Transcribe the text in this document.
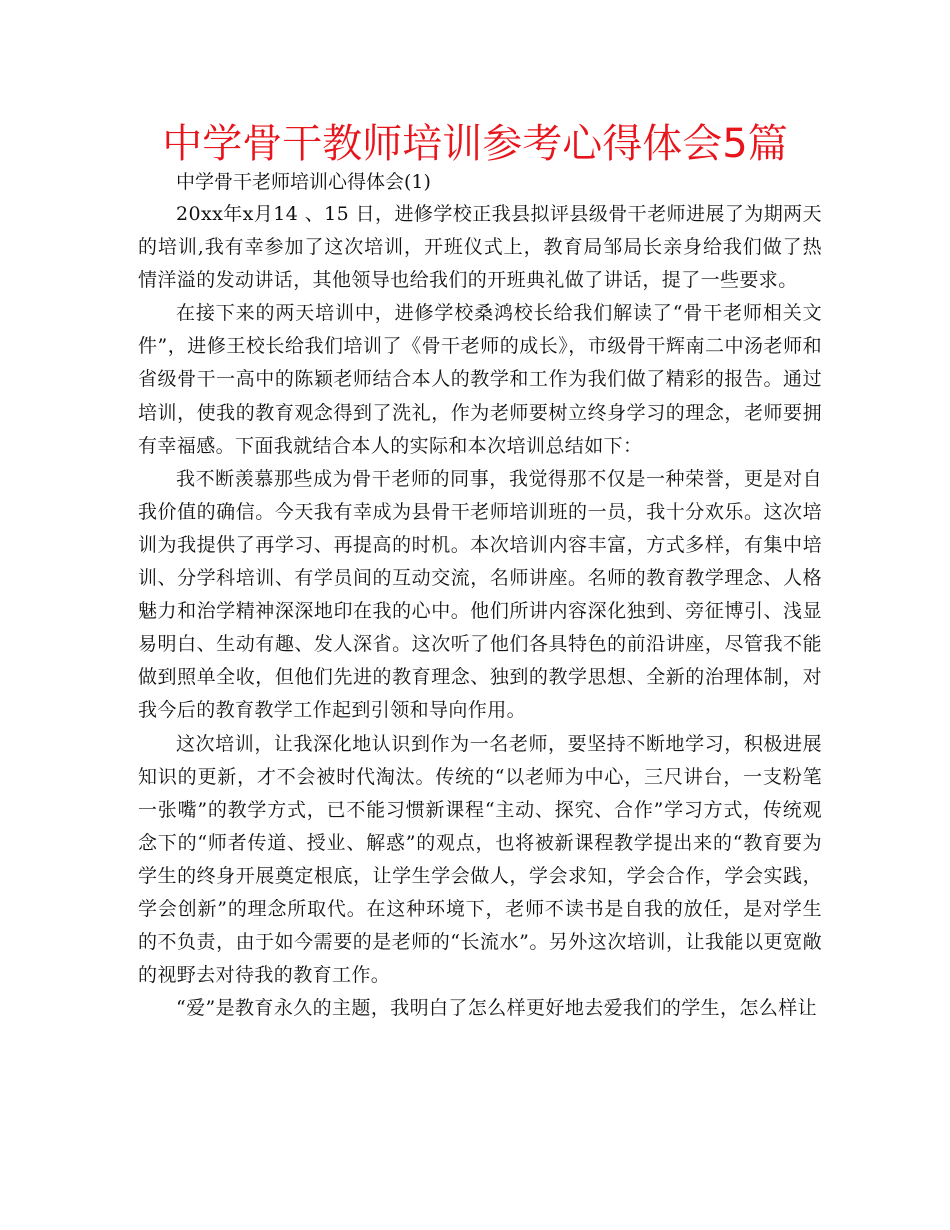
中学骨干教师培训参考心得体会5篇
中学骨干老师培训心得体会(1)

20xx年x月14 、15 日，进修学校正我县拟评县级骨干老师进展了为期两天的培训,我有幸参加了这次培训，开班仪式上，教育局邹局长亲身给我们做了热情洋溢的发动讲话，其他领导也给我们的开班典礼做了讲话，提了一些要求。

在接下来的两天培训中，进修学校桑鸿校长给我们解读了“骨干老师相关文件”，进修王校长给我们培训了《骨干老师的成长》，市级骨干辉南二中汤老师和省级骨干一高中的陈颖老师结合本人的教学和工作为我们做了精彩的报告。通过培训，使我的教育观念得到了洗礼，作为老师要树立终身学习的理念，老师要拥有幸福感。下面我就结合本人的实际和本次培训总结如下：

我不断羡慕那些成为骨干老师的同事，我觉得那不仅是一种荣誉，更是对自我价值的确信。今天我有幸成为县骨干老师培训班的一员，我十分欢乐。这次培训为我提供了再学习、再提高的时机。本次培训内容丰富，方式多样，有集中培训、分学科培训、有学员间的互动交流，名师讲座。名师的教育教学理念、人格魅力和治学精神深深地印在我的心中。他们所讲内容深化独到、旁征博引、浅显易明白、生动有趣、发人深省。这次听了他们各具特色的前沿讲座，尽管我不能做到照单全收，但他们先进的教育理念、独到的教学思想、全新的治理体制，对我今后的教育教学工作起到引领和导向作用。

这次培训，让我深化地认识到作为一名老师，要坚持不断地学习，积极进展知识的更新，才不会被时代淘汰。传统的“以老师为中心，三尺讲台，一支粉笔一张嘴”的教学方式，已不能习惯新课程“主动、探究、合作”学习方式，传统观念下的“师者传道、授业、解惑”的观点，也将被新课程教学提出来的“教育要为学生的终身开展奠定根底，让学生学会做人，学会求知，学会合作，学会实践，学会创新”的理念所取代。在这种环境下，老师不读书是自我的放任，是对学生的不负责，由于如今需要的是老师的“长流水”。另外这次培训，让我能以更宽敞的视野去对待我的教育工作。

“爱”是教育永久的主题，我明白了怎么样更好地去爱我们的学生，怎么样让
